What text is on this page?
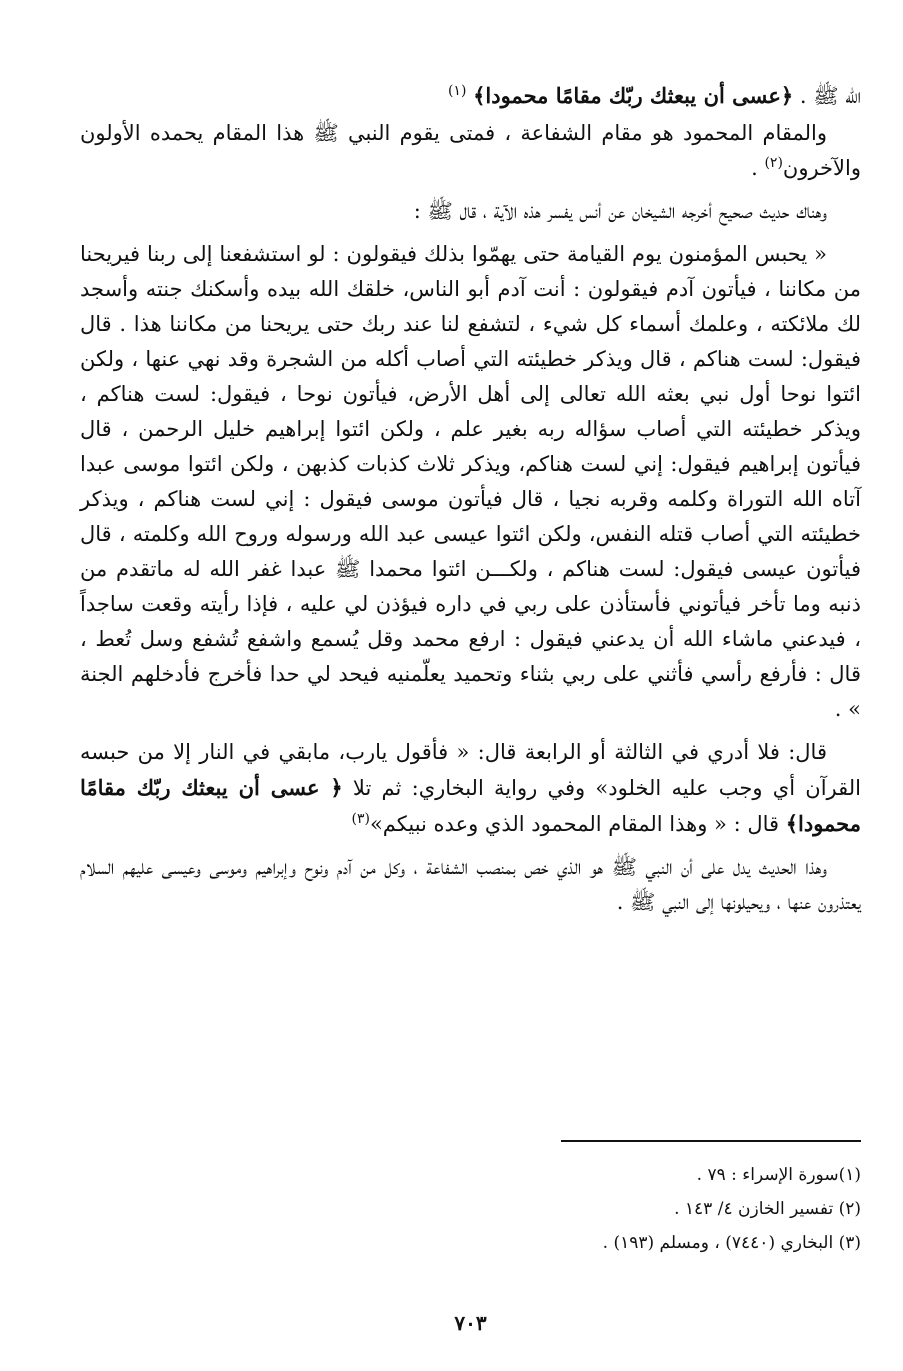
الله ﷺ . ﴿عسى أن يبعثك ربّك مقامًا محمودا﴾ $^{(١)}$

والمقام المحمود هو مقام الشفاعة ، فمتى يقوم النبي ﷺ هذا المقام يحمده الأولون والآخرون$^{(٢)}$ .

وهناك حديث صحيح أخرجه الشيخان عن أنس يفسر هذه الآية ، قال ﷺ :

« يحبس المؤمنون يوم القيامة حتى يهمّوا بذلك فيقولون : لو استشفعنا إلى ربنا فيريحنا من مكاننا ، فيأتون آدم فيقولون : أنت آدم أبو الناس، خلقك الله بيده وأسكنك جنته وأسجد لك ملائكته ، وعلمك أسماء كل شيء ، لتشفع لنا عند ربك حتى يريحنا من مكاننا هذا . قال فيقول: لست هناكم ، قال ويذكر خطيئته التي أصاب أكله من الشجرة وقد نهي عنها ، ولكن ائتوا نوحا أول نبي بعثه الله تعالى إلى أهل الأرض، فيأتون نوحا ، فيقول: لست هناكم ، ويذكر خطيئته التي أصاب سؤاله ربه بغير علم ، ولكن ائتوا إبراهيم خليل الرحمن ، قال فيأتون إبراهيم فيقول: إني لست هناكم، ويذكر ثلاث كذبات كذبهن ، ولكن ائتوا موسى عبدا آتاه الله التوراة وكلمه وقربه نجيا ، قال فيأتون موسى فيقول : إني لست هناكم ، ويذكر خطيئته التي أصاب قتله النفس، ولكن ائتوا عيسى عبد الله ورسوله وروح الله وكلمته ، قال فيأتون عيسى فيقول: لست هناكم ، ولكـــن ائتوا محمدا ﷺ عبدا غفر الله له ماتقدم من ذنبه وما تأخر فيأتوني فأستأذن على ربي في داره فيؤذن لي عليه ، فإذا رأيته وقعت ساجداً ، فيدعني ماشاء الله أن يدعني فيقول : ارفع محمد وقل يُسمع واشفع تُشفع وسل تُعط ، قال : فأرفع رأسي فأثني على ربي بثناء وتحميد يعلّمنيه فيحد لي حدا فأخرج فأدخلهم الجنة » .

قال: فلا أدري في الثالثة أو الرابعة قال: « فأقول يارب، مابقي في النار إلا من حبسه القرآن أي وجب عليه الخلود» وفي رواية البخاري: ثم تلا ﴿ عسى أن يبعثك ربّك مقامًا محمودا﴾ قال : « وهذا المقام المحمود الذي وعده نبيكم»$^{(٣)}$

وهذا الحديث يدل على أن النبي ﷺ هو الذي خص بمنصب الشفاعة ، وكل من آدم ونوح وإبراهيم وموسى وعيسى عليهم السلام يعتذرون عنها ، ويحيلونها إلى النبي ﷺ .

(١)سورة الإسراء : ٧٩ .
(٢) تفسير الخازن ٤/ ١٤٣ .
(٣) البخاري (٧٤٤٠) ، ومسلم (١٩٣) .
٧٠٣
